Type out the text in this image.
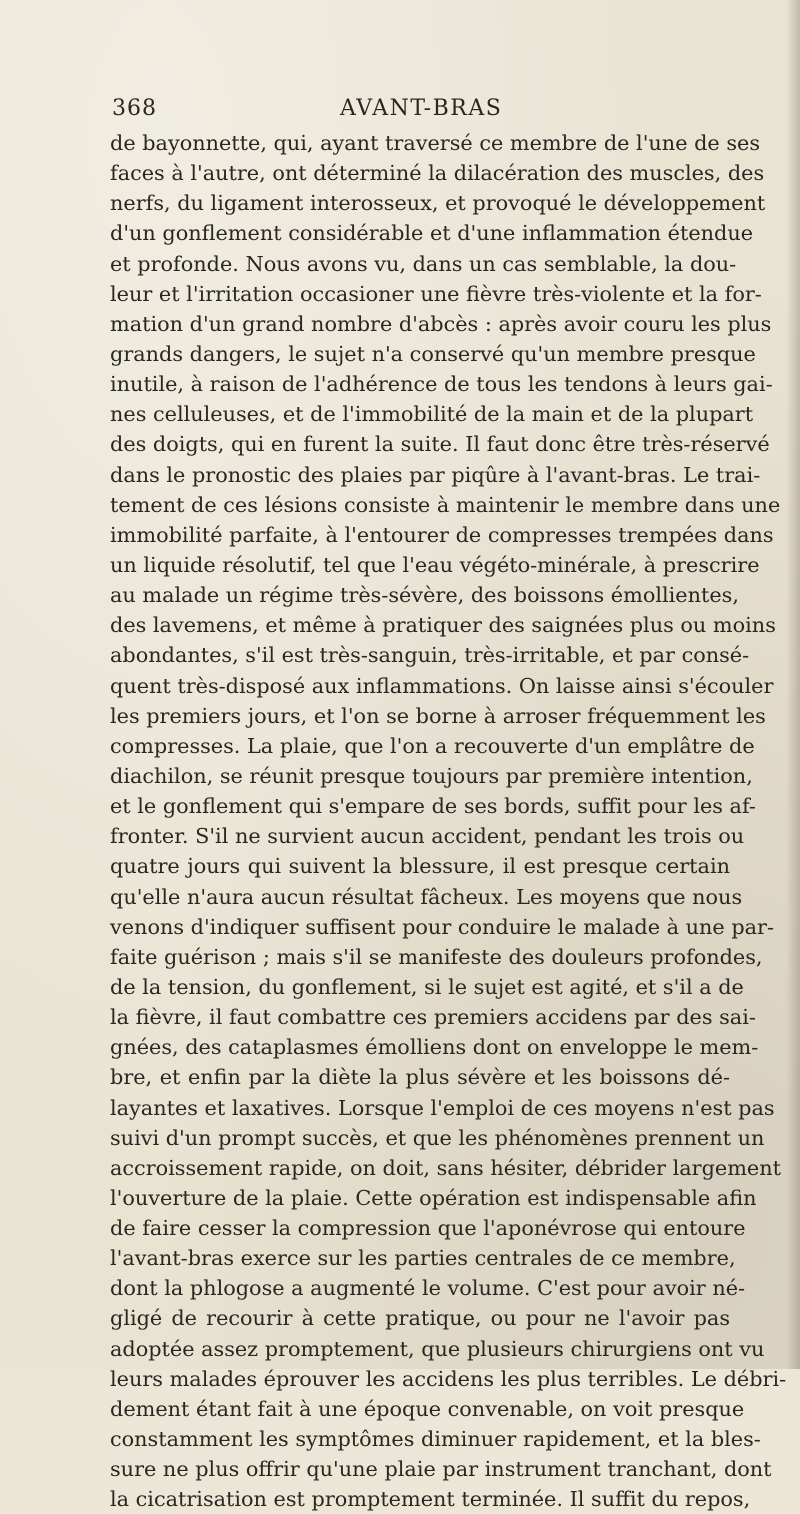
368	AVANT-BRAS
de bayonnette, qui, ayant traversé ce membre de l'une de ses
faces à l'autre, ont déterminé la dilacération des muscles, des
nerfs, du ligament interosseux, et provoqué le développement
d'un gonflement considérable et d'une inflammation étendue
et profonde. Nous avons vu, dans un cas semblable, la dou-
leur et l'irritation occasioner une fièvre très-violente et la for-
mation d'un grand nombre d'abcès : après avoir couru les plus
grands dangers, le sujet n'a conservé qu'un membre presque
inutile, à raison de l'adhérence de tous les tendons à leurs gai-
nes celluleuses, et de l'immobilité de la main et de la plupart
des doigts, qui en furent la suite. Il faut donc être très-réservé
dans le pronostic des plaies par piqûre à l'avant-bras. Le trai-
tement de ces lésions consiste à maintenir le membre dans une
immobilité parfaite, à l'entourer de compresses trempées dans
un liquide résolutif, tel que l'eau végéto-minérale, à prescrire
au malade un régime très-sévère, des boissons émollientes,
des lavemens, et même à pratiquer des saignées plus ou moins
abondantes, s'il est très-sanguin, très-irritable, et par consé-
quent très-disposé aux inflammations. On laisse ainsi s'écouler
les premiers jours, et l'on se borne à arroser fréquemment les
compresses. La plaie, que l'on a recouverte d'un emplâtre de
diachilon, se réunit presque toujours par première intention,
et le gonflement qui s'empare de ses bords, suffit pour les af-
fronter. S'il ne survient aucun accident, pendant les trois ou
quatre jours qui suivent la blessure, il est presque certain
qu'elle n'aura aucun résultat fâcheux. Les moyens que nous
venons d'indiquer suffisent pour conduire le malade à une par-
faite guérison ; mais s'il se manifeste des douleurs profondes,
de la tension, du gonflement, si le sujet est agité, et s'il a de
la fièvre, il faut combattre ces premiers accidens par des sai-
gnées, des cataplasmes émolliens dont on enveloppe le mem-
bre, et enfin par la diète la plus sévère et les boissons dé-
layantes et laxatives. Lorsque l'emploi de ces moyens n'est pas
suivi d'un prompt succès, et que les phénomènes prennent un
accroissement rapide, on doit, sans hésiter, débrider largement
l'ouverture de la plaie. Cette opération est indispensable afin
de faire cesser la compression que l'aponévrose qui entoure
l'avant-bras exerce sur les parties centrales de ce membre,
dont la phlogose a augmenté le volume. C'est pour avoir né-
gligé de recourir à cette pratique, ou pour ne l'avoir pas
adoptée assez promptement, que plusieurs chirurgiens ont vu
leurs malades éprouver les accidens les plus terribles. Le débri-
dement étant fait à une époque convenable, on voit presque
constamment les symptômes diminuer rapidement, et la bles-
sure ne plus offrir qu'une plaie par instrument tranchant, dont
la cicatrisation est promptement terminée. Il suffit du repos,
